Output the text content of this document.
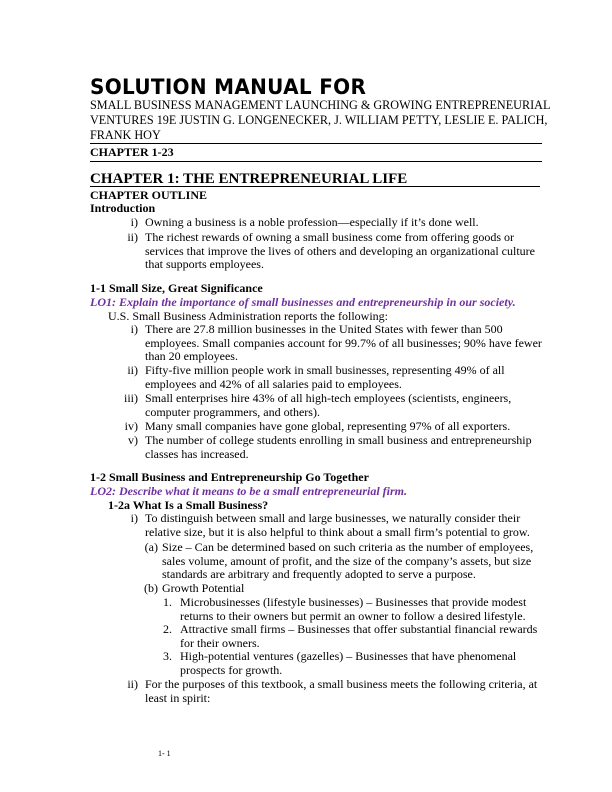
SOLUTION MANUAL FOR
SMALL BUSINESS MANAGEMENT LAUNCHING & GROWING ENTREPRENEURIAL VENTURES 19E JUSTIN G. LONGENECKER, J. WILLIAM PETTY, LESLIE E. PALICH, FRANK HOY
CHAPTER 1-23
CHAPTER 1: THE ENTREPRENEURIAL LIFE
CHAPTER OUTLINE
Introduction
i) Owning a business is a noble profession—especially if it’s done well.
ii) The richest rewards of owning a small business come from offering goods or services that improve the lives of others and developing an organizational culture that supports employees.
1-1 Small Size, Great Significance
LO1: Explain the importance of small businesses and entrepreneurship in our society.
U.S. Small Business Administration reports the following:
i) There are 27.8 million businesses in the United States with fewer than 500 employees. Small companies account for 99.7% of all businesses; 90% have fewer than 20 employees.
ii) Fifty-five million people work in small businesses, representing 49% of all employees and 42% of all salaries paid to employees.
iii) Small enterprises hire 43% of all high-tech employees (scientists, engineers, computer programmers, and others).
iv) Many small companies have gone global, representing 97% of all exporters.
v) The number of college students enrolling in small business and entrepreneurship classes has increased.
1-2 Small Business and Entrepreneurship Go Together
LO2: Describe what it means to be a small entrepreneurial firm.
1-2a What Is a Small Business?
i) To distinguish between small and large businesses, we naturally consider their relative size, but it is also helpful to think about a small firm’s potential to grow.
(a) Size – Can be determined based on such criteria as the number of employees, sales volume, amount of profit, and the size of the company’s assets, but size standards are arbitrary and frequently adopted to serve a purpose.
(b) Growth Potential
1. Microbusinesses (lifestyle businesses) – Businesses that provide modest returns to their owners but permit an owner to follow a desired lifestyle.
2. Attractive small firms – Businesses that offer substantial financial rewards for their owners.
3. High-potential ventures (gazelles) – Businesses that have phenomenal prospects for growth.
ii) For the purposes of this textbook, a small business meets the following criteria, at least in spirit:
1- 1
